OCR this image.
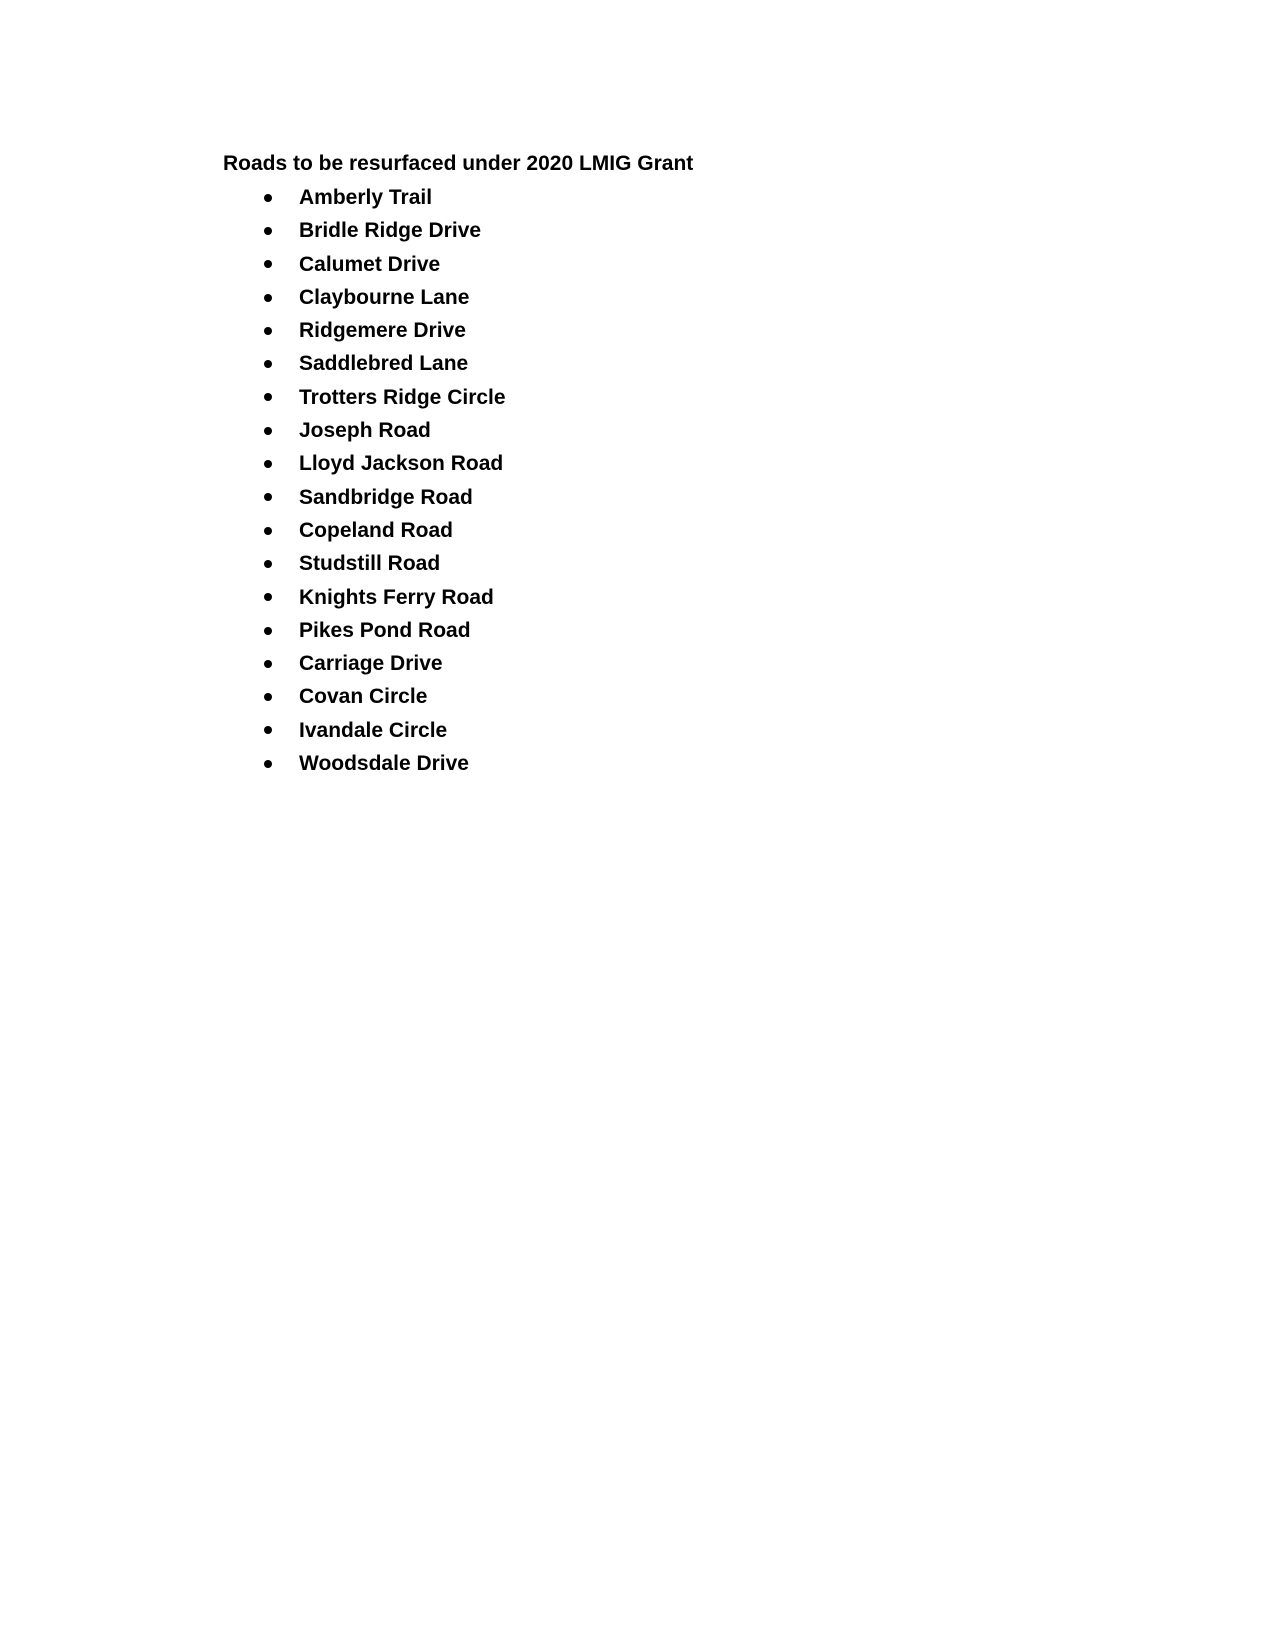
Roads to be resurfaced under 2020 LMIG Grant
Amberly Trail
Bridle Ridge Drive
Calumet Drive
Claybourne Lane
Ridgemere Drive
Saddlebred Lane
Trotters Ridge Circle
Joseph Road
Lloyd Jackson Road
Sandbridge Road
Copeland Road
Studstill Road
Knights Ferry Road
Pikes Pond Road
Carriage Drive
Covan Circle
Ivandale Circle
Woodsdale Drive
